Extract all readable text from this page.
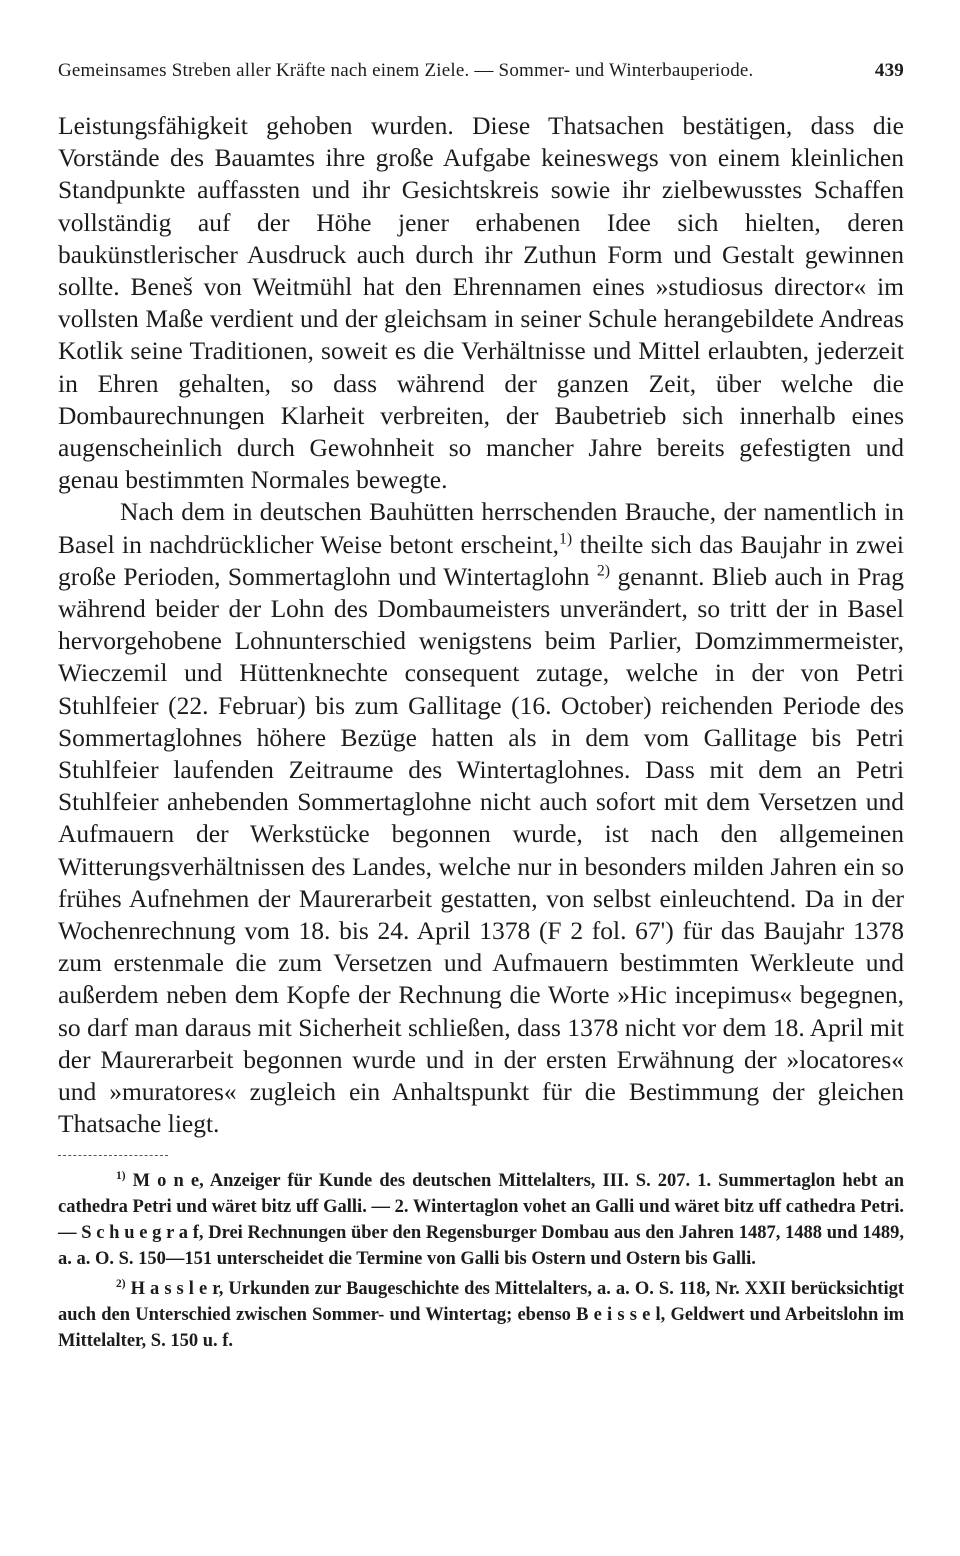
Gemeinsames Streben aller Kräfte nach einem Ziele. — Sommer- und Winterbauperiode.	439

Leistungsfähigkeit gehoben wurden. Diese Thatsachen bestätigen, dass die Vorstände des Bauamtes ihre große Aufgabe keineswegs von einem kleinlichen Standpunkte auffassten und ihr Gesichtskreis sowie ihr zielbewusstes Schaffen vollständig auf der Höhe jener erhabenen Idee sich hielten, deren baukünstlerischer Ausdruck auch durch ihr Zuthun Form und Gestalt gewinnen sollte. Beneš von Weitmühl hat den Ehrennamen eines »studiosus director« im vollsten Maße verdient und der gleichsam in seiner Schule herangebildete Andreas Kotlik seine Traditionen, soweit es die Verhältnisse und Mittel erlaubten, jederzeit in Ehren gehalten, so dass während der ganzen Zeit, über welche die Dombaurechnungen Klarheit verbreiten, der Baubetrieb sich innerhalb eines augenscheinlich durch Gewohnheit so mancher Jahre bereits gefestigten und genau bestimmten Normales bewegte.

Nach dem in deutschen Bauhütten herrschenden Brauche, der namentlich in Basel in nachdrücklicher Weise betont erscheint,$^{1)}$ theilte sich das Baujahr in zwei große Perioden, Sommertaglohn und Wintertaglohn $^{2)}$ genannt. Blieb auch in Prag während beider der Lohn des Dombaumeisters unverändert, so tritt der in Basel hervorgehobene Lohnunterschied wenigstens beim Parlier, Domzimmermeister, Wieczemil und Hüttenknechte consequent zutage, welche in der von Petri Stuhlfeier (22. Februar) bis zum Gallitage (16. October) reichenden Periode des Sommertaglohnes höhere Bezüge hatten als in dem vom Gallitage bis Petri Stuhlfeier laufenden Zeitraume des Wintertaglohnes. Dass mit dem an Petri Stuhlfeier anhebenden Sommertaglohne nicht auch sofort mit dem Versetzen und Aufmauern der Werkstücke begonnen wurde, ist nach den allgemeinen Witterungsverhältnissen des Landes, welche nur in besonders milden Jahren ein so frühes Aufnehmen der Maurerarbeit gestatten, von selbst einleuchtend. Da in der Wochenrechnung vom 18. bis 24. April 1378 (F 2 fol. 67') für das Baujahr 1378 zum erstenmale die zum Versetzen und Aufmauern bestimmten Werkleute und außerdem neben dem Kopfe der Rechnung die Worte »Hic incepimus« begegnen, so darf man daraus mit Sicherheit schließen, dass 1378 nicht vor dem 18. April mit der Maurerarbeit begonnen wurde und in der ersten Erwähnung der »locatores« und »muratores« zugleich ein Anhaltspunkt für die Bestimmung der gleichen Thatsache liegt.

$^{1)}$ M o n e, Anzeiger für Kunde des deutschen Mittelalters, III. S. 207. 1. Summertaglon hebt an cathedra Petri und wäret bitz uff Galli. — 2. Wintertaglon vohet an Galli und wäret bitz uff cathedra Petri. — S c h u e g r a f, Drei Rechnungen über den Regensburger Dombau aus den Jahren 1487, 1488 und 1489, a. a. O. S. 150—151 unterscheidet die Termine von Galli bis Ostern und Ostern bis Galli.

$^{2)}$ H a s s l e r, Urkunden zur Baugeschichte des Mittelalters, a. a. O. S. 118, Nr. XXII berücksichtigt auch den Unterschied zwischen Sommer- und Wintertag; ebenso B e i s s e l, Geldwert und Arbeitslohn im Mittelalter, S. 150 u. f.
